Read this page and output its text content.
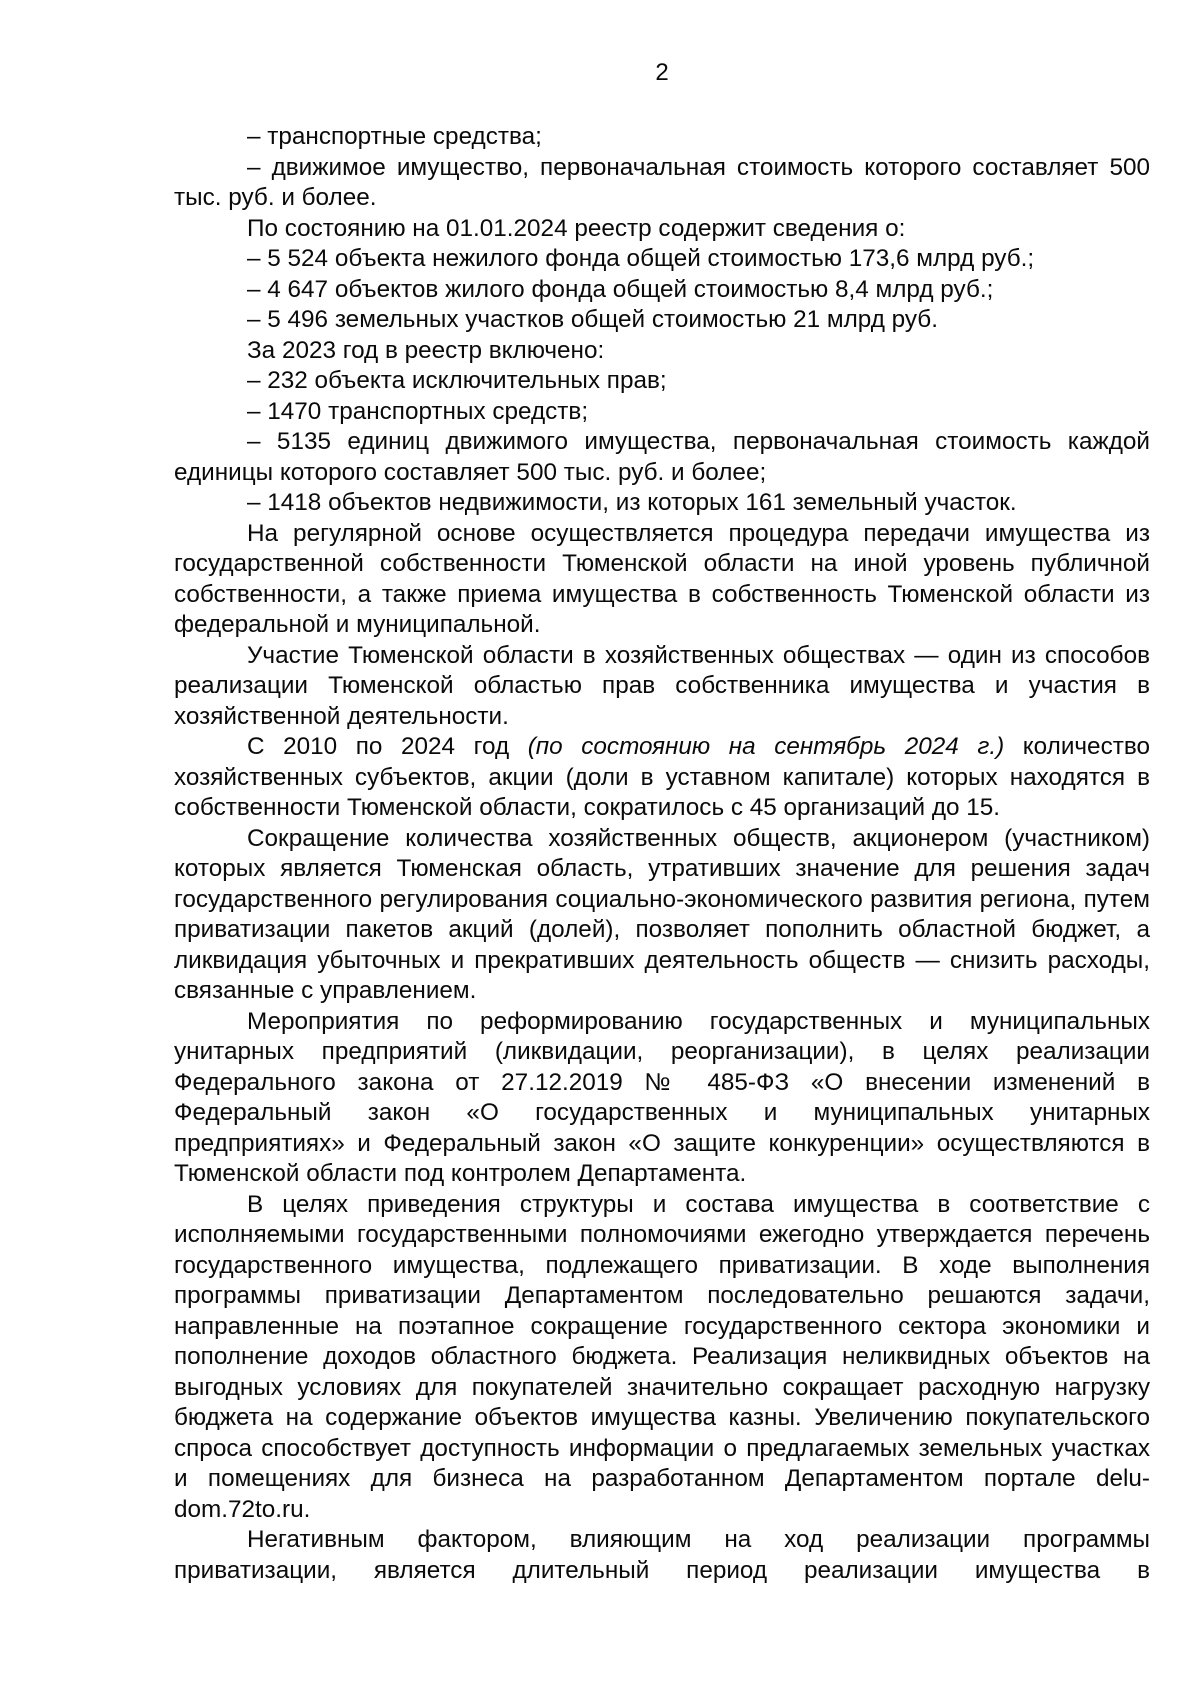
2

– транспортные средства;

– движимое имущество, первоначальная стоимость которого составляет 500 тыс. руб. и более.

По состоянию на 01.01.2024 реестр содержит сведения о:

– 5 524 объекта нежилого фонда общей стоимостью 173,6 млрд руб.;

– 4 647 объектов жилого фонда общей стоимостью 8,4 млрд руб.;

– 5 496 земельных участков общей стоимостью 21 млрд руб.

За 2023 год в реестр включено:

– 232 объекта исключительных прав;

– 1470 транспортных средств;

– 5135 единиц движимого имущества, первоначальная стоимость каждой единицы которого составляет 500 тыс. руб. и более;

– 1418 объектов недвижимости, из которых 161 земельный участок.

На регулярной основе осуществляется процедура передачи имущества из государственной собственности Тюменской области на иной уровень публичной собственности, а также приема имущества в собственность Тюменской области из федеральной и муниципальной.

Участие Тюменской области в хозяйственных обществах — один из способов реализации Тюменской областью прав собственника имущества и участия в хозяйственной деятельности.

С 2010 по 2024 год (по состоянию на сентябрь 2024 г.) количество хозяйственных субъектов, акции (доли в уставном капитале) которых находятся в собственности Тюменской области, сократилось с 45 организаций до 15.

Сокращение количества хозяйственных обществ, акционером (участником) которых является Тюменская область, утративших значение для решения задач государственного регулирования социально-экономического развития региона, путем приватизации пакетов акций (долей), позволяет пополнить областной бюджет, а ликвидация убыточных и прекративших деятельность обществ — снизить расходы, связанные с управлением.

Мероприятия по реформированию государственных и муниципальных унитарных предприятий (ликвидации, реорганизации), в целях реализации Федерального закона от 27.12.2019 № 485-ФЗ «О внесении изменений в Федеральный закон «О государственных и муниципальных унитарных предприятиях» и Федеральный закон «О защите конкуренции» осуществляются в Тюменской области под контролем Департамента.

В целях приведения структуры и состава имущества в соответствие с исполняемыми государственными полномочиями ежегодно утверждается перечень государственного имущества, подлежащего приватизации. В ходе выполнения программы приватизации Департаментом последовательно решаются задачи, направленные на поэтапное сокращение государственного сектора экономики и пополнение доходов областного бюджета. Реализация неликвидных объектов на выгодных условиях для покупателей значительно сокращает расходную нагрузку бюджета на содержание объектов имущества казны. Увеличению покупательского спроса способствует доступность информации о предлагаемых земельных участках и помещениях для бизнеса на разработанном Департаментом портале delu-dom.72to.ru.

Негативным фактором, влияющим на ход реализации программы приватизации, является длительный период реализации имущества в
